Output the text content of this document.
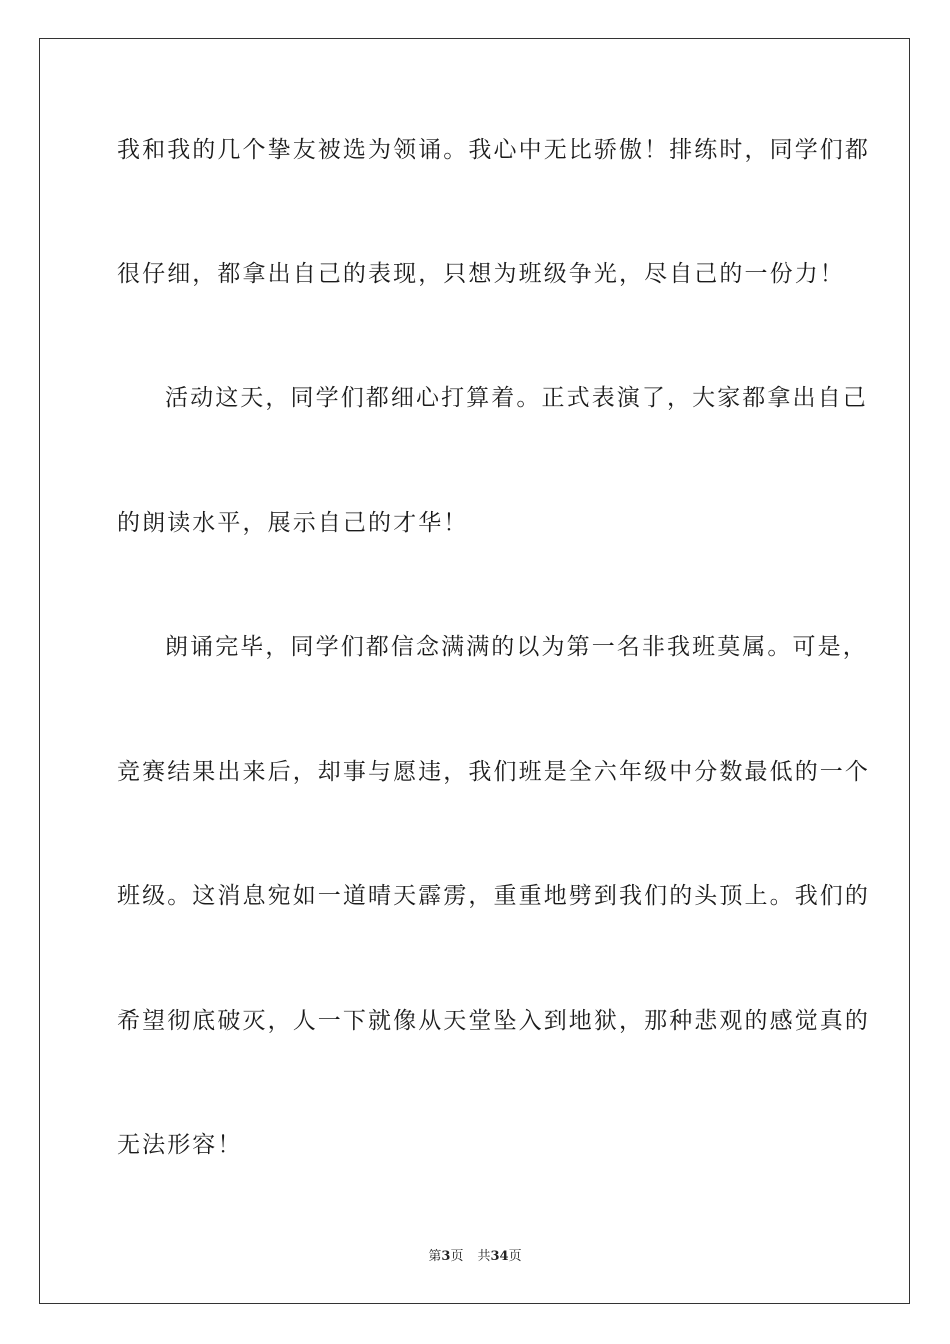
我和我的几个挚友被选为领诵。我心中无比骄傲！排练时，同学们都
很仔细，都拿出自己的表现，只想为班级争光，尽自己的一份力！
活动这天，同学们都细心打算着。正式表演了，大家都拿出自己
的朗读水平，展示自己的才华！
朗诵完毕，同学们都信念满满的以为第一名非我班莫属。可是，
竞赛结果出来后，却事与愿违，我们班是全六年级中分数最低的一个
班级。这消息宛如一道晴天霹雳，重重地劈到我们的头顶上。我们的
希望彻底破灭，人一下就像从天堂坠入到地狱，那种悲观的感觉真的
无法形容！
第3页 共34页
